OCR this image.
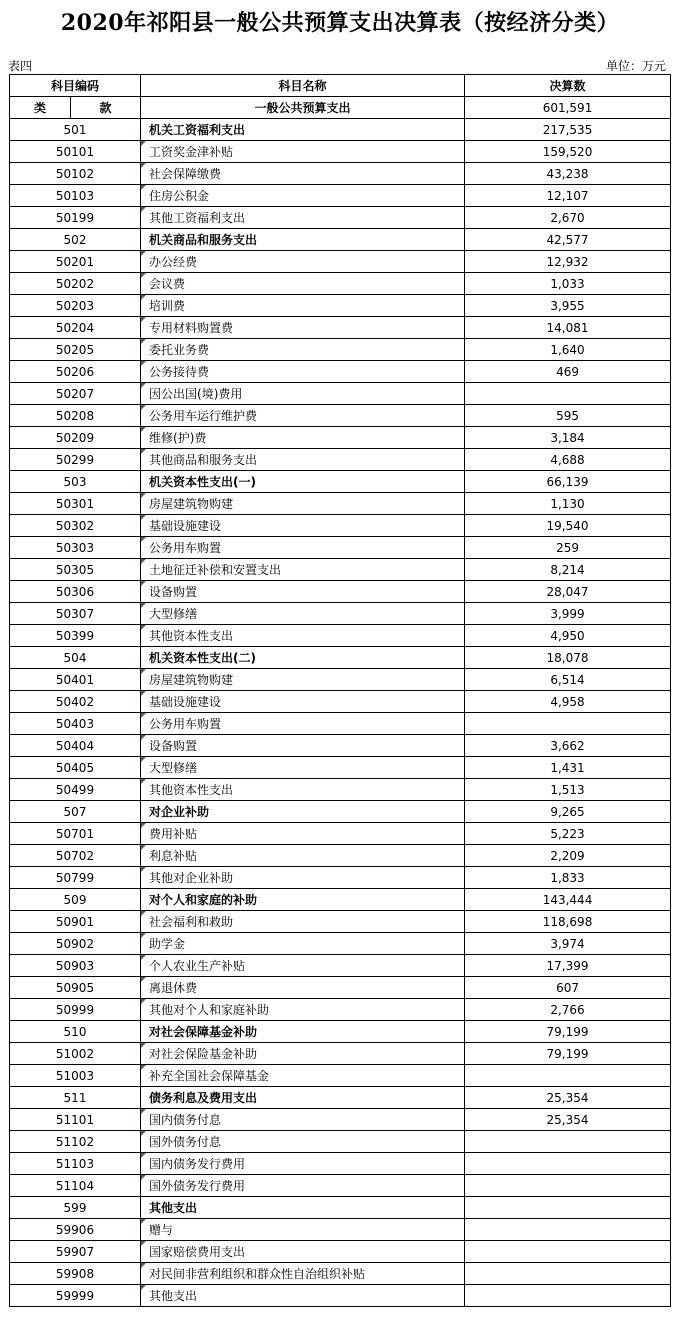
2020年祁阳县一般公共预算支出决算表（按经济分类）
表四	单位：万元
科目编码		科目名称	决算数
类	款	一般公共预算支出	601,591
501		机关工资福利支出	217,535
50101		工资奖金津补贴	159,520
50102		社会保障缴费	43,238
50103		住房公积金	12,107
50199		其他工资福利支出	2,670
502		机关商品和服务支出	42,577
50201		办公经费	12,932
50202		会议费	1,033
50203		培训费	3,955
50204		专用材料购置费	14,081
50205		委托业务费	1,640
50206		公务接待费	469
50207		因公出国(境)费用	
50208		公务用车运行维护费	595
50209		维修(护)费	3,184
50299		其他商品和服务支出	4,688
503		机关资本性支出(一)	66,139
50301		房屋建筑物购建	1,130
50302		基础设施建设	19,540
50303		公务用车购置	259
50305		土地征迁补偿和安置支出	8,214
50306		设备购置	28,047
50307		大型修缮	3,999
50399		其他资本性支出	4,950
504		机关资本性支出(二)	18,078
50401		房屋建筑物购建	6,514
50402		基础设施建设	4,958
50403		公务用车购置	
50404		设备购置	3,662
50405		大型修缮	1,431
50499		其他资本性支出	1,513
507		对企业补助	9,265
50701		费用补贴	5,223
50702		利息补贴	2,209
50799		其他对企业补助	1,833
509		对个人和家庭的补助	143,444
50901		社会福利和救助	118,698
50902		助学金	3,974
50903		个人农业生产补贴	17,399
50905		离退休费	607
50999		其他对个人和家庭补助	2,766
510		对社会保障基金补助	79,199
51002		对社会保险基金补助	79,199
51003		补充全国社会保障基金	
511		债务利息及费用支出	25,354
51101		国内债务付息	25,354
51102		国外债务付息	
51103		国内债务发行费用	
51104		国外债务发行费用	
599		其他支出	
59906		赠与	
59907		国家赔偿费用支出	
59908		对民间非营利组织和群众性自治组织补贴	
59999		其他支出	
